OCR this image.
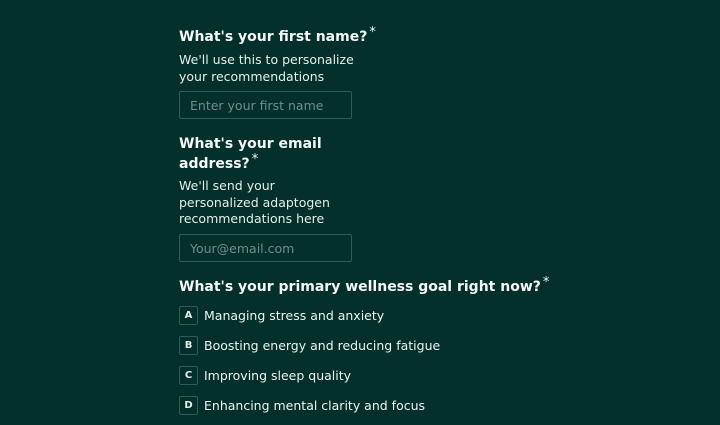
What's your first name? *

We'll use this to personalize your recommendations

Enter your first name

What's your email address? *

We'll send your personalized adaptogen recommendations here

Your@email.com

What's your primary wellness goal right now? *

A Managing stress and anxiety
B Boosting energy and reducing fatigue
C Improving sleep quality
D Enhancing mental clarity and focus
